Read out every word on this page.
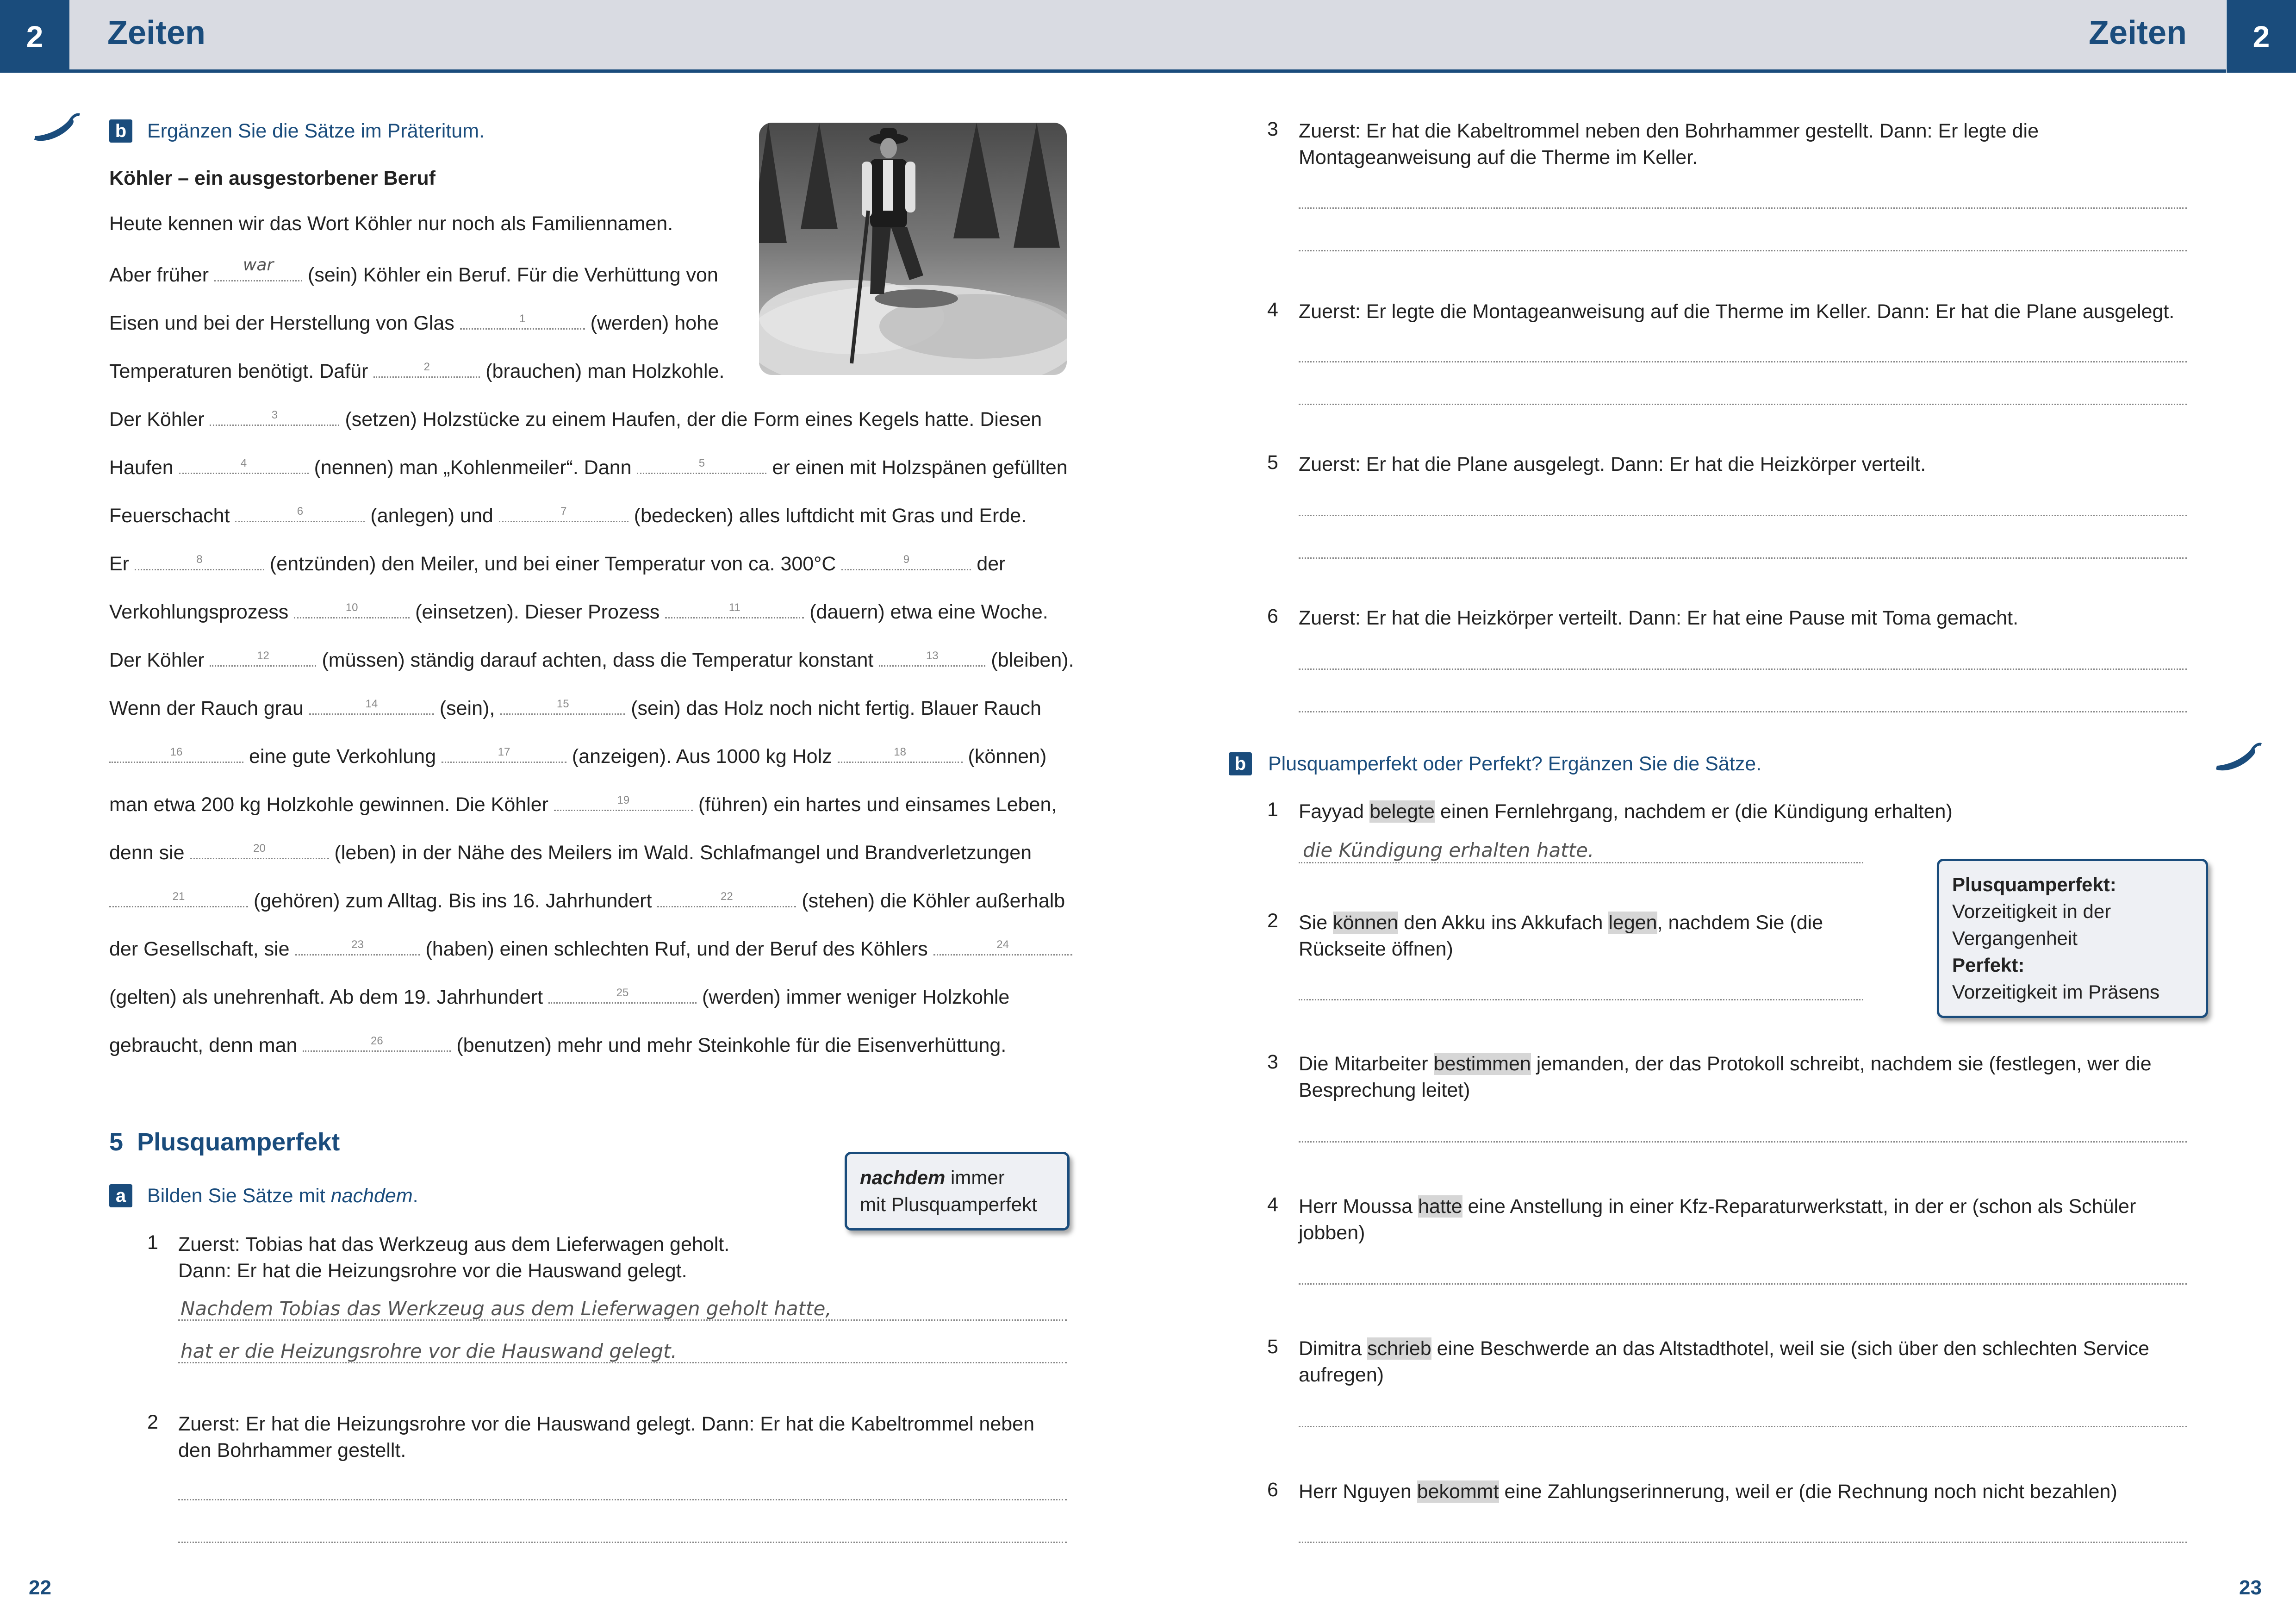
2	2
Zeiten	Zeiten
b Ergänzen Sie die Sätze im Präteritum.
Köhler – ein ausgestorbener Beruf
Heute kennen wir das Wort Köhler nur noch als Familiennamen.
Aber früher	war	(sein) Köhler ein Beruf. Für die Verhüttung von
Eisen und bei der Herstellung von Glas	1	(werden) hohe
Temperaturen benötigt. Dafür	2	(brauchen) man Holzkohle.
Der Köhler	3	(setzen) Holzstücke zu einem Haufen, der die Form eines Kegels hatte. Diesen
Haufen	4	(nennen) man „Kohlenmeiler“. Dann	5	er einen mit Holzspänen gefüllten
Feuerschacht	6	(anlegen) und	7	(bedecken) alles luftdicht mit Gras und Erde.
Er	8	(entzünden) den Meiler, und bei einer Temperatur von ca. 300°C	9	der
Verkohlungsprozess	10	(einsetzen). Dieser Prozess	11	(dauern) etwa eine Woche.
Der Köhler	12	(müssen) ständig darauf achten, dass die Temperatur konstant	13	(bleiben).
Wenn der Rauch grau	14	(sein),	15	(sein) das Holz noch nicht fertig. Blauer Rauch
16	eine gute Verkohlung	17	(anzeigen). Aus 1000 kg Holz	18	(können)
man etwa 200 kg Holzkohle gewinnen. Die Köhler	19	(führen) ein hartes und einsames Leben,
denn sie	20	(leben) in der Nähe des Meilers im Wald. Schlafmangel und Brandverletzungen
21	(gehören) zum Alltag. Bis ins 16. Jahrhundert	22	(stehen) die Köhler außerhalb
der Gesellschaft, sie	23	(haben) einen schlechten Ruf, und der Beruf des Köhlers	24
(gelten) als unehrenhaft. Ab dem 19. Jahrhundert	25	(werden) immer weniger Holzkohle
gebraucht, denn man	26	(benutzen) mehr und mehr Steinkohle für die Eisenverhüttung.
5 Plusquamperfekt
a	Bilden Sie Sätze mit nachdem.
nachdem immer
mit Plusquamperfekt
1 Zuerst: Tobias hat das Werkzeug aus dem Lieferwagen geholt.
Dann: Er hat die Heizungsrohre vor die Hauswand gelegt.
Nachdem Tobias das Werkzeug aus dem Lieferwagen geholt hatte,
hat er die Heizungsrohre vor die Hauswand gelegt.
2 Zuerst: Er hat die Heizungsrohre vor die Hauswand gelegt. Dann: Er hat die Kabeltrommel neben
den Bohrhammer gestellt.
22
3 Zuerst: Er hat die Kabeltrommel neben den Bohrhammer gestellt. Dann: Er legte die
Montageanweisung auf die Therme im Keller.
4 Zuerst: Er legte die Montageanweisung auf die Therme im Keller. Dann: Er hat die Plane ausgelegt.
5 Zuerst: Er hat die Plane ausgelegt. Dann: Er hat die Heizkörper verteilt.
6 Zuerst: Er hat die Heizkörper verteilt. Dann: Er hat eine Pause mit Toma gemacht.
b Plusquamperfekt oder Perfekt? Ergänzen Sie die Sätze.
Plusquamperfekt:
Vorzeitigkeit in der
Vergangenheit
Perfekt:
Vorzeitigkeit im Präsens
1 Fayyad belegte einen Fernlehrgang, nachdem er (die Kündigung erhalten)
die Kündigung erhalten hatte.
2 Sie können den Akku ins Akkufach legen, nachdem Sie (die
Rückseite öffnen)
3 Die Mitarbeiter bestimmen jemanden, der das Protokoll schreibt, nachdem sie (festlegen, wer die
Besprechung leitet)
4 Herr Moussa hatte eine Anstellung in einer Kfz-Reparaturwerkstatt, in der er (schon als Schüler
jobben)
5 Dimitra schrieb eine Beschwerde an das Altstadthotel, weil sie (sich über den schlechten Service
aufregen)
6 Herr Nguyen bekommt eine Zahlungserinnerung, weil er (die Rechnung noch nicht bezahlen)
23
